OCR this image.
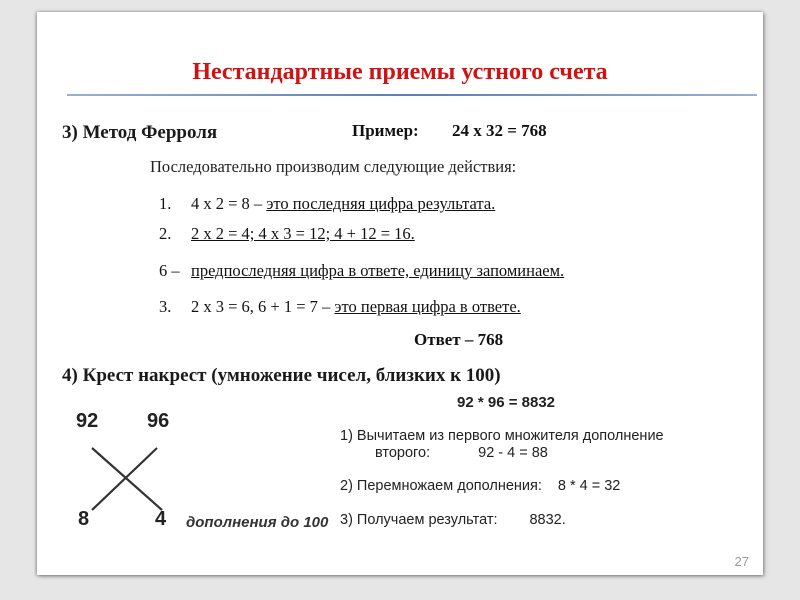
Нестандартные приемы устного счета
3) Метод Ферроля	Пример: 24 х 32 = 768
Последовательно производим следующие действия:
1. 4 х 2 = 8 – это последняя цифра результата.
2. 2 х 2 = 4; 4 х 3 = 12; 4 + 12 = 16.
6 – предпоследняя цифра в ответе, единицу запоминаем.
3. 2 х 3 = 6, 6 + 1 = 7 – это первая цифра в ответе.
Ответ – 768
4) Крест накрест (умножение чисел, близких к 100)
92 96
8	4 дополнения до 100
92 * 96 = 8832
1) Вычитаем из первого множителя дополнение
второго:	92 - 4 = 88
2) Перемножаем дополнения: 8 * 4 = 32
3) Получаем результат: 8832.
27
